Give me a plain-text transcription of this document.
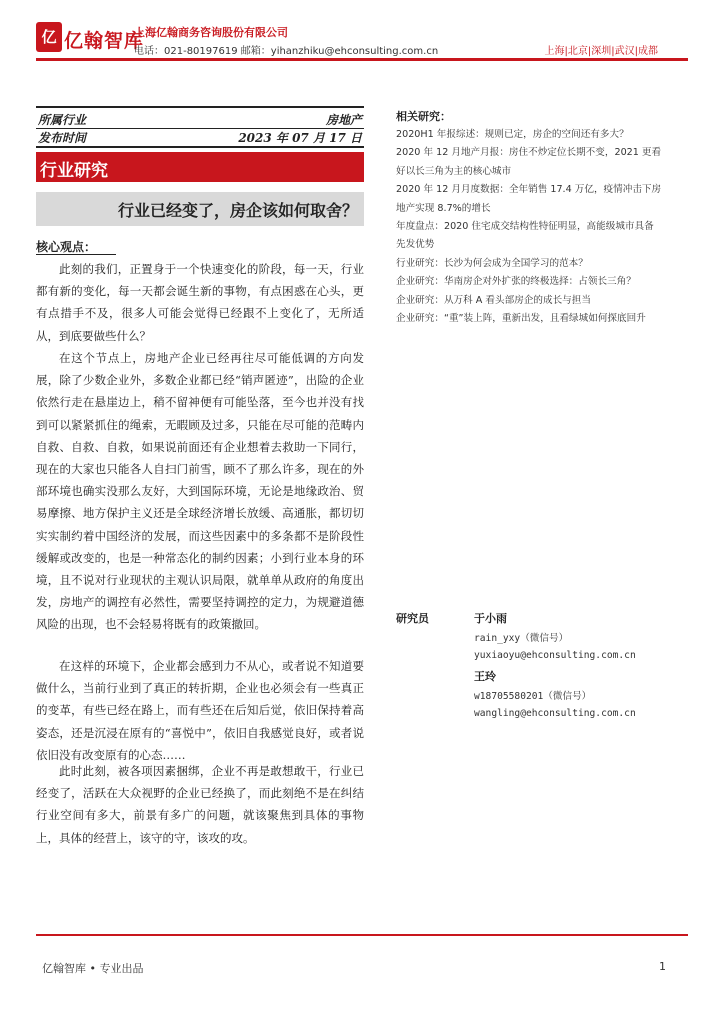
亿 亿翰智库
上海亿翰商务咨询股份有限公司
电话：021-80197619 邮箱：yihanzhiku@ehconsulting.com.cn	上海|北京|深圳|武汉|成都
所属行业	房地产
发布时间	2023 年 07 月 17 日
行业研究
行业已经变了，房企该如何取舍？
核心观点：

此刻的我们，正置身于一个快速变化的阶段，每一天，行业都有新的变化，每一天都会诞生新的事物，有点困惑在心头，更有点措手不及，很多人可能会觉得已经跟不上变化了，无所适从，到底要做些什么？

在这个节点上，房地产企业已经再往尽可能低调的方向发展，除了少数企业外，多数企业都已经“销声匿迹”，出险的企业依然行走在悬崖边上，稍不留神便有可能坠落，至今也并没有找到可以紧紧抓住的绳索，无暇顾及过多，只能在尽可能的范畴内自救、自救、自救，如果说前面还有企业想着去救助一下同行，现在的大家也只能各人自扫门前雪，顾不了那么许多，现在的外部环境也确实没那么友好，大到国际环境，无论是地缘政治、贸易摩擦、地方保护主义还是全球经济增长放缓、高通胀，都切切实实制约着中国经济的发展，而这些因素中的多条都不是阶段性缓解或改变的，也是一种常态化的制约因素；小到行业本身的环境，且不说对行业现状的主观认识局限，就单单从政府的角度出发，房地产的调控有必然性，需要坚持调控的定力，为规避道德风险的出现，也不会轻易将既有的政策撤回。

在这样的环境下，企业都会感到力不从心，或者说不知道要做什么，当前行业到了真正的转折期，企业也必须会有一些真正的变革，有些已经在路上，而有些还在后知后觉，依旧保持着高姿态，还是沉浸在原有的“喜悦中”，依旧自我感觉良好，或者说依旧没有改变原有的心态……

此时此刻，被各项因素捆绑，企业不再是敢想敢干，行业已经变了，活跃在大众视野的企业已经换了，而此刻绝不是在纠结行业空间有多大，前景有多广的问题，就该聚焦到具体的事物上，具体的经营上，该守的守，该攻的攻。

相关研究：
2020H1 年报综述：规则已定，房企的空间还有多大？
2020 年 12 月地产月报：房住不炒定位长期不变，2021 更看好以长三角为主的核心城市
2020 年 12 月月度数据：全年销售 17.4 万亿，疫情冲击下房地产实现 8.7%的增长
年度盘点：2020 住宅成交结构性特征明显，高能级城市具备先发优势
行业研究：长沙为何会成为全国学习的范本？
企业研究：华南房企对外扩张的终极选择：占领长三角？
企业研究：从万科 A 看头部房企的成长与担当
企业研究：“重”装上阵，重新出发，且看绿城如何探底回升
研究员	于小雨
rain_yxy（微信号）
yuxiaoyu@ehconsulting.com.cn
王玲
w18705580201（微信号）
wangling@ehconsulting.com.cn
亿翰智库 • 专业出品	1
